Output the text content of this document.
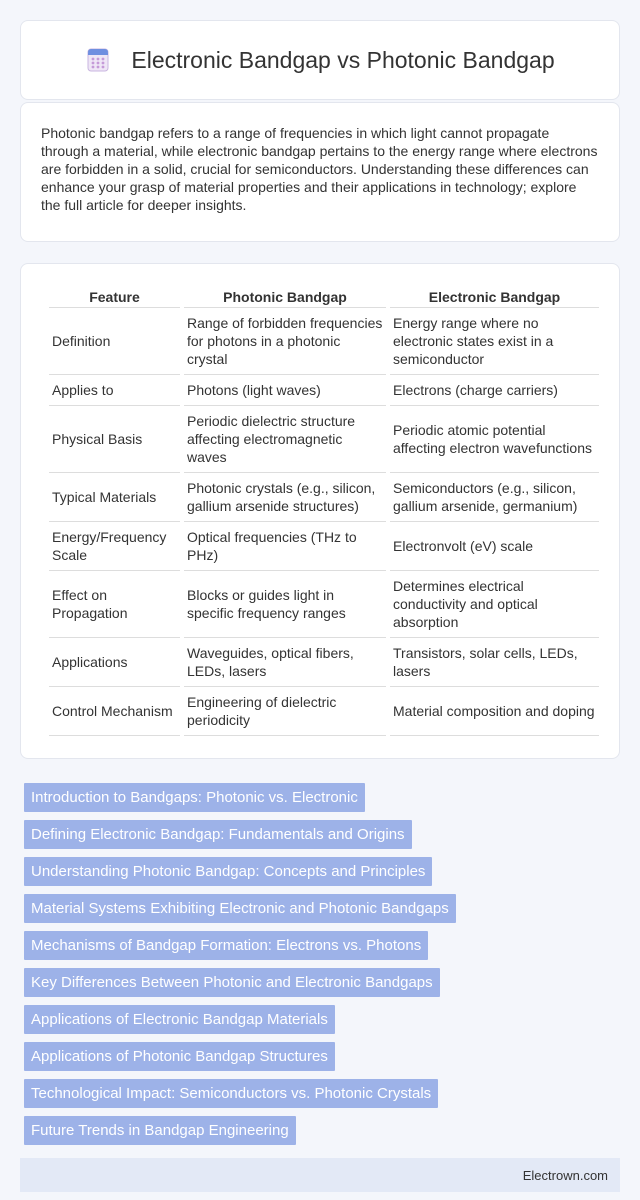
Electronic Bandgap vs Photonic Bandgap

Photonic bandgap refers to a range of frequencies in which light cannot propagate through a material, while electronic bandgap pertains to the energy range where electrons are forbidden in a solid, crucial for semiconductors. Understanding these differences can enhance your grasp of material properties and their applications in technology; explore the full article for deeper insights.

Feature	Photonic Bandgap	Electronic Bandgap
Definition	Range of forbidden frequencies for photons in a photonic crystal	Energy range where no electronic states exist in a semiconductor
Applies to	Photons (light waves)	Electrons (charge carriers)
Physical Basis	Periodic dielectric structure affecting electromagnetic waves	Periodic atomic potential affecting electron wavefunctions
Typical Materials	Photonic crystals (e.g., silicon, gallium arsenide structures)	Semiconductors (e.g., silicon, gallium arsenide, germanium)
Energy/Frequency Scale	Optical frequencies (THz to PHz)	Electronvolt (eV) scale
Effect on Propagation	Blocks or guides light in specific frequency ranges	Determines electrical conductivity and optical absorption
Applications	Waveguides, optical fibers, LEDs, lasers	Transistors, solar cells, LEDs, lasers
Control Mechanism	Engineering of dielectric periodicity	Material composition and doping
Introduction to Bandgaps: Photonic vs. Electronic
Defining Electronic Bandgap: Fundamentals and Origins
Understanding Photonic Bandgap: Concepts and Principles
Material Systems Exhibiting Electronic and Photonic Bandgaps
Mechanisms of Bandgap Formation: Electrons vs. Photons
Key Differences Between Photonic and Electronic Bandgaps
Applications of Electronic Bandgap Materials
Applications of Photonic Bandgap Structures
Technological Impact: Semiconductors vs. Photonic Crystals
Future Trends in Bandgap Engineering
Electrown.com
